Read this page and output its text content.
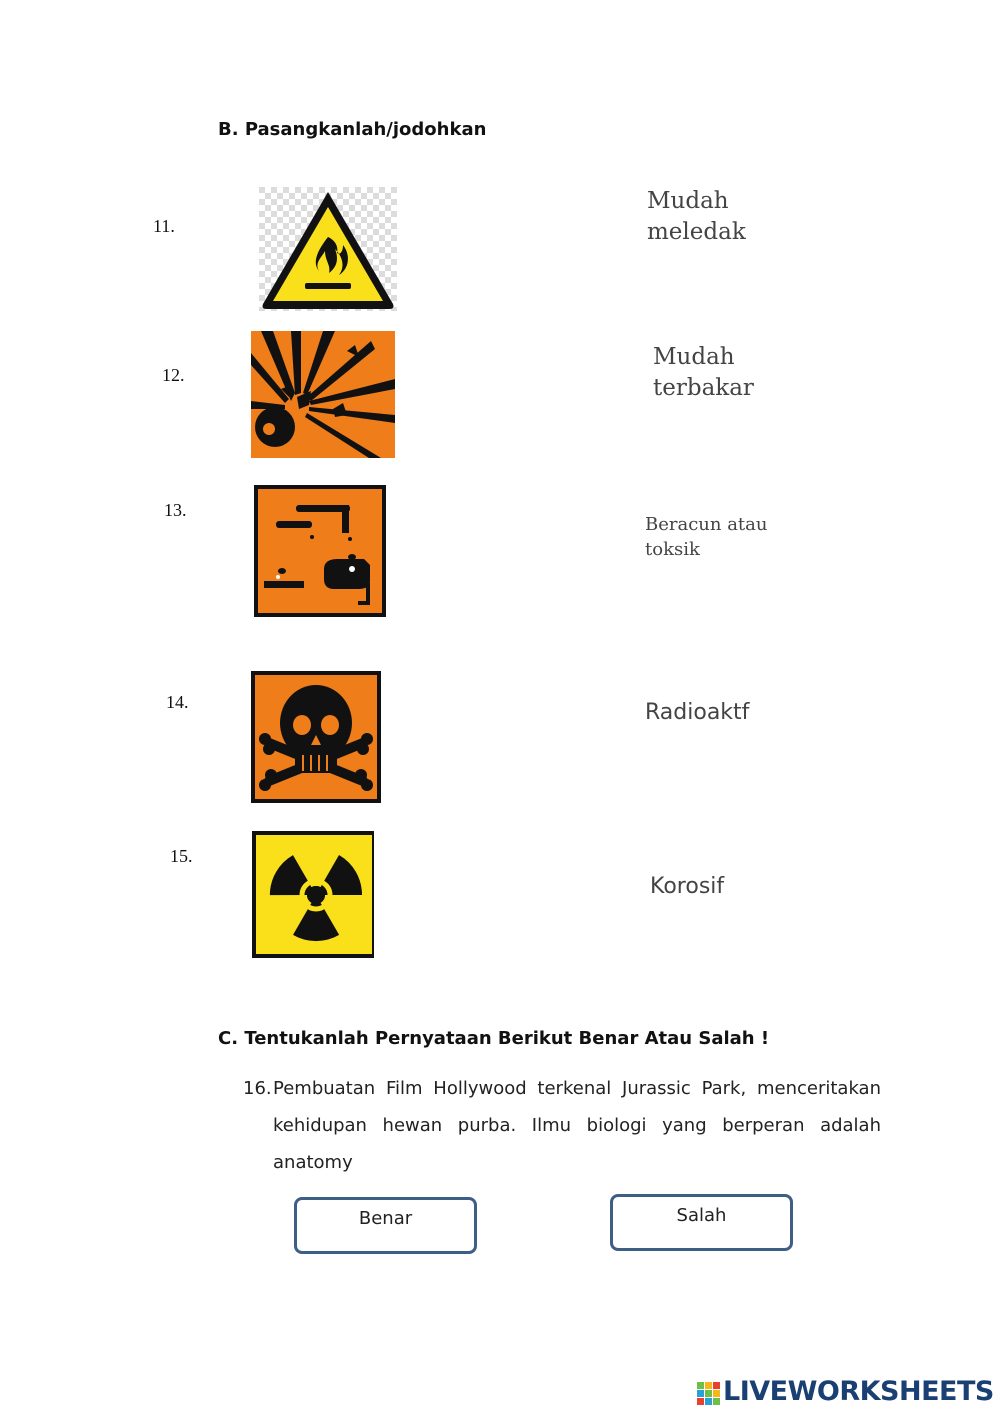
B. Pasangkanlah/jodohkan
11.
12.
13.
14.
15.
Mudah
meledak
Mudah
terbakar
Beracun atau
toksik
Radioaktf
Korosif
C. Tentukanlah Pernyataan Berikut Benar Atau Salah !
16. Pembuatan Film Hollywood terkenal Jurassic Park, menceritakan
kehidupan hewan purba. Ilmu biologi yang berperan adalah
anatomy
Benar	Salah
LIVEWORKSHEETS
